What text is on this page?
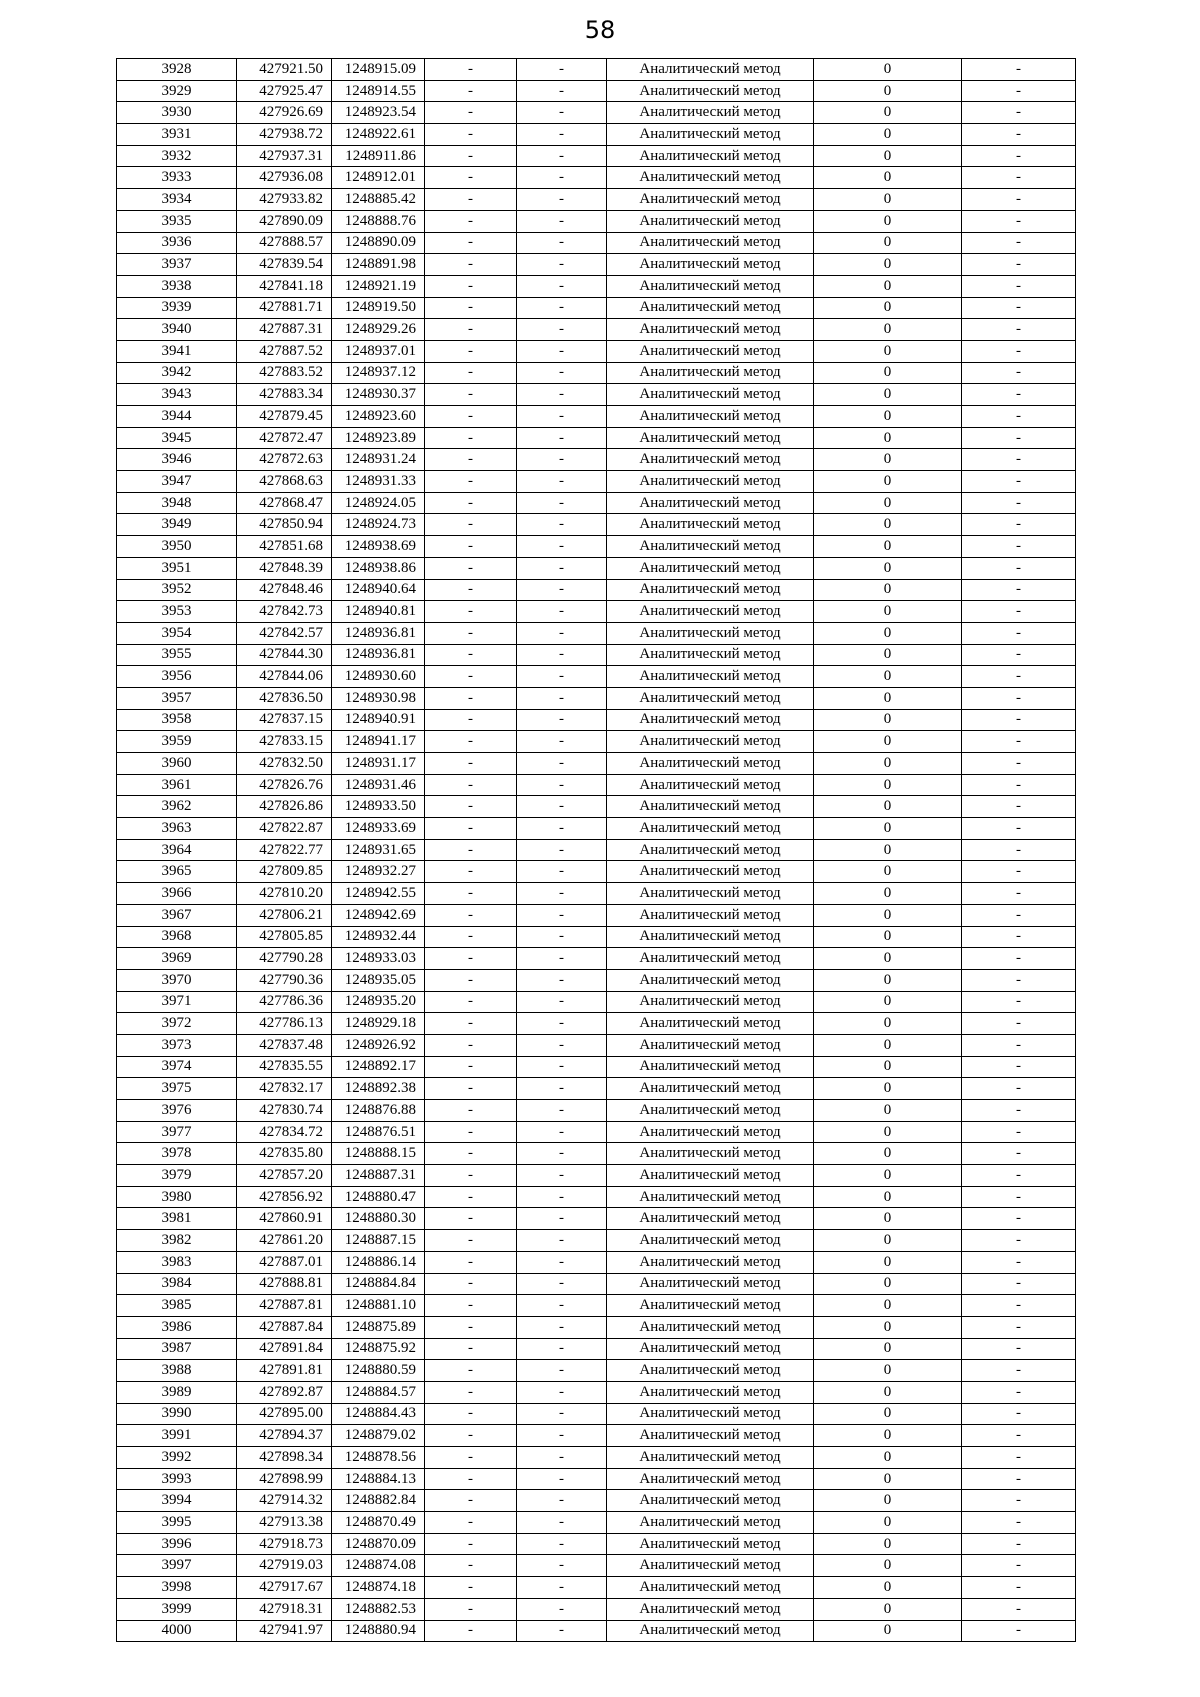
58
3928	427921.50	1248915.09	-	-	Аналитический метод	0	-
3929	427925.47	1248914.55	-	-	Аналитический метод	0	-
3930	427926.69	1248923.54	-	-	Аналитический метод	0	-
3931	427938.72	1248922.61	-	-	Аналитический метод	0	-
3932	427937.31	1248911.86	-	-	Аналитический метод	0	-
3933	427936.08	1248912.01	-	-	Аналитический метод	0	-
3934	427933.82	1248885.42	-	-	Аналитический метод	0	-
3935	427890.09	1248888.76	-	-	Аналитический метод	0	-
3936	427888.57	1248890.09	-	-	Аналитический метод	0	-
3937	427839.54	1248891.98	-	-	Аналитический метод	0	-
3938	427841.18	1248921.19	-	-	Аналитический метод	0	-
3939	427881.71	1248919.50	-	-	Аналитический метод	0	-
3940	427887.31	1248929.26	-	-	Аналитический метод	0	-
3941	427887.52	1248937.01	-	-	Аналитический метод	0	-
3942	427883.52	1248937.12	-	-	Аналитический метод	0	-
3943	427883.34	1248930.37	-	-	Аналитический метод	0	-
3944	427879.45	1248923.60	-	-	Аналитический метод	0	-
3945	427872.47	1248923.89	-	-	Аналитический метод	0	-
3946	427872.63	1248931.24	-	-	Аналитический метод	0	-
3947	427868.63	1248931.33	-	-	Аналитический метод	0	-
3948	427868.47	1248924.05	-	-	Аналитический метод	0	-
3949	427850.94	1248924.73	-	-	Аналитический метод	0	-
3950	427851.68	1248938.69	-	-	Аналитический метод	0	-
3951	427848.39	1248938.86	-	-	Аналитический метод	0	-
3952	427848.46	1248940.64	-	-	Аналитический метод	0	-
3953	427842.73	1248940.81	-	-	Аналитический метод	0	-
3954	427842.57	1248936.81	-	-	Аналитический метод	0	-
3955	427844.30	1248936.81	-	-	Аналитический метод	0	-
3956	427844.06	1248930.60	-	-	Аналитический метод	0	-
3957	427836.50	1248930.98	-	-	Аналитический метод	0	-
3958	427837.15	1248940.91	-	-	Аналитический метод	0	-
3959	427833.15	1248941.17	-	-	Аналитический метод	0	-
3960	427832.50	1248931.17	-	-	Аналитический метод	0	-
3961	427826.76	1248931.46	-	-	Аналитический метод	0	-
3962	427826.86	1248933.50	-	-	Аналитический метод	0	-
3963	427822.87	1248933.69	-	-	Аналитический метод	0	-
3964	427822.77	1248931.65	-	-	Аналитический метод	0	-
3965	427809.85	1248932.27	-	-	Аналитический метод	0	-
3966	427810.20	1248942.55	-	-	Аналитический метод	0	-
3967	427806.21	1248942.69	-	-	Аналитический метод	0	-
3968	427805.85	1248932.44	-	-	Аналитический метод	0	-
3969	427790.28	1248933.03	-	-	Аналитический метод	0	-
3970	427790.36	1248935.05	-	-	Аналитический метод	0	-
3971	427786.36	1248935.20	-	-	Аналитический метод	0	-
3972	427786.13	1248929.18	-	-	Аналитический метод	0	-
3973	427837.48	1248926.92	-	-	Аналитический метод	0	-
3974	427835.55	1248892.17	-	-	Аналитический метод	0	-
3975	427832.17	1248892.38	-	-	Аналитический метод	0	-
3976	427830.74	1248876.88	-	-	Аналитический метод	0	-
3977	427834.72	1248876.51	-	-	Аналитический метод	0	-
3978	427835.80	1248888.15	-	-	Аналитический метод	0	-
3979	427857.20	1248887.31	-	-	Аналитический метод	0	-
3980	427856.92	1248880.47	-	-	Аналитический метод	0	-
3981	427860.91	1248880.30	-	-	Аналитический метод	0	-
3982	427861.20	1248887.15	-	-	Аналитический метод	0	-
3983	427887.01	1248886.14	-	-	Аналитический метод	0	-
3984	427888.81	1248884.84	-	-	Аналитический метод	0	-
3985	427887.81	1248881.10	-	-	Аналитический метод	0	-
3986	427887.84	1248875.89	-	-	Аналитический метод	0	-
3987	427891.84	1248875.92	-	-	Аналитический метод	0	-
3988	427891.81	1248880.59	-	-	Аналитический метод	0	-
3989	427892.87	1248884.57	-	-	Аналитический метод	0	-
3990	427895.00	1248884.43	-	-	Аналитический метод	0	-
3991	427894.37	1248879.02	-	-	Аналитический метод	0	-
3992	427898.34	1248878.56	-	-	Аналитический метод	0	-
3993	427898.99	1248884.13	-	-	Аналитический метод	0	-
3994	427914.32	1248882.84	-	-	Аналитический метод	0	-
3995	427913.38	1248870.49	-	-	Аналитический метод	0	-
3996	427918.73	1248870.09	-	-	Аналитический метод	0	-
3997	427919.03	1248874.08	-	-	Аналитический метод	0	-
3998	427917.67	1248874.18	-	-	Аналитический метод	0	-
3999	427918.31	1248882.53	-	-	Аналитический метод	0	-
4000	427941.97	1248880.94	-	-	Аналитический метод	0	-
